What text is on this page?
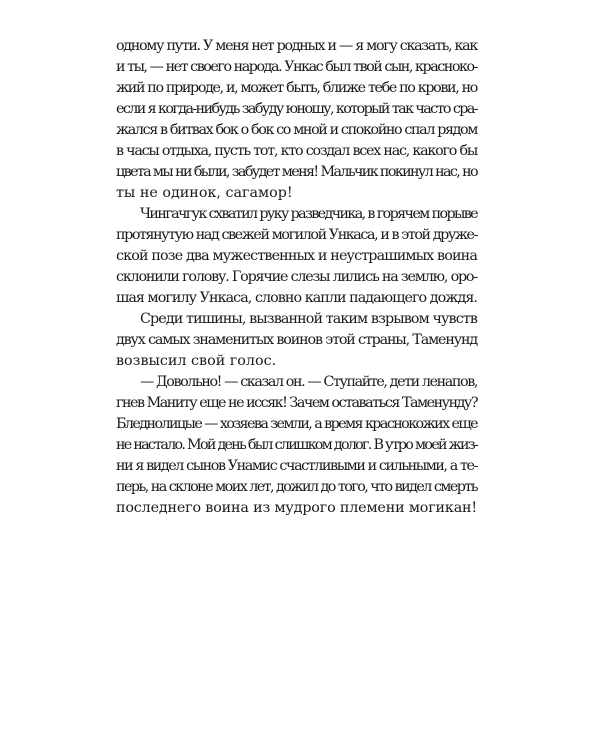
одному пути. У меня нет родных и — я могу сказать, как
и ты, — нет своего народа. Ункас был твой сын, красноко-
жий по природе, и, может быть, ближе тебе по крови, но
если я когда-нибудь забуду юношу, который так часто сра-
жался в битвах бок о бок со мной и спокойно спал рядом
в часы отдыха, пусть тот, кто создал всех нас, какого бы
цвета мы ни были, забудет меня! Мальчик покинул нас, но
ты не одинок, сагамор!
Чингачгук схватил руку разведчика, в горячем порыве
протянутую над свежей могилой Ункаса, и в этой друже-
ской позе два мужественных и неустрашимых воина
склонили голову. Горячие слезы лились на землю, оро-
шая могилу Ункаса, словно капли падающего дождя.
Среди тишины, вызванной таким взрывом чувств
двух самых знаменитых воинов этой страны, Таменунд
возвысил свой голос.
— Довольно! — сказал он. — Ступайте, дети ленапов,
гнев Маниту еще не иссяк! Зачем оставаться Таменунду?
Бледнолицые — хозяева земли, а время краснокожих еще
не настало. Мой день был слишком долог. В утро моей жиз-
ни я видел сынов Унамис счастливыми и сильными, а те-
перь, на склоне моих лет, дожил до того, что видел смерть
последнего воина из мудрого племени могикан!
